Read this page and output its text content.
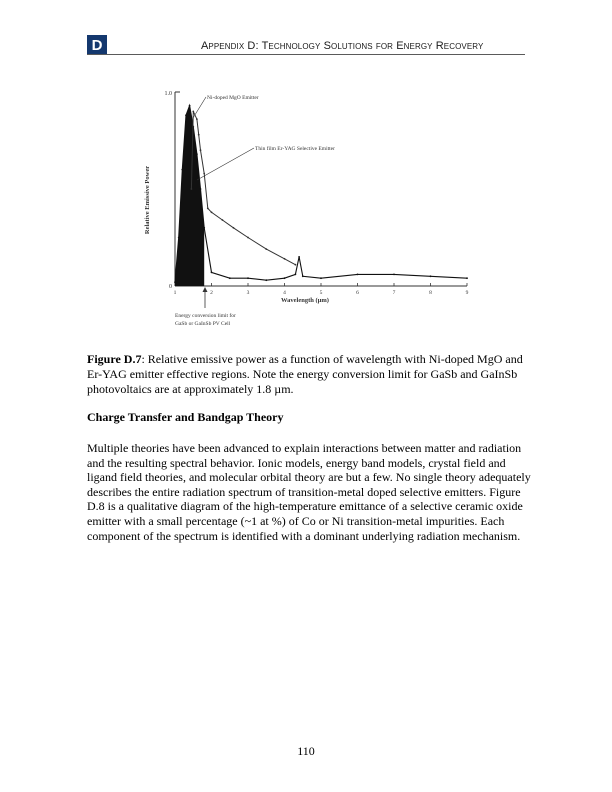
D	Appendix D: Technology Solutions for Energy Recovery
1.0
0
Relative Emissive Power
Wavelength (µm)
1	2	3	4	5	6	7	8	9
Ni-doped MgO Emitter
Thin film Er-YAG Selective Emitter
Energy conversion limit for
GaSb or GaInSb PV Cell
Figure D.7: Relative emissive power as a function of wavelength with Ni-doped MgO and Er-YAG emitter effective regions. Note the energy conversion limit for GaSb and GaInSb photovoltaics are at approximately 1.8 µm.
Charge Transfer and Bandgap Theory
Multiple theories have been advanced to explain interactions between matter and radiation and the resulting spectral behavior. Ionic models, energy band models, crystal field and ligand field theories, and molecular orbital theory are but a few. No single theory adequately describes the entire radiation spectrum of transition-metal doped selective emitters. Figure D.8 is a qualitative diagram of the high-temperature emittance of a selective ceramic oxide emitter with a small percentage (~1 at %) of Co or Ni transition-metal impurities. Each component of the spectrum is identified with a dominant underlying radiation mechanism.
110
